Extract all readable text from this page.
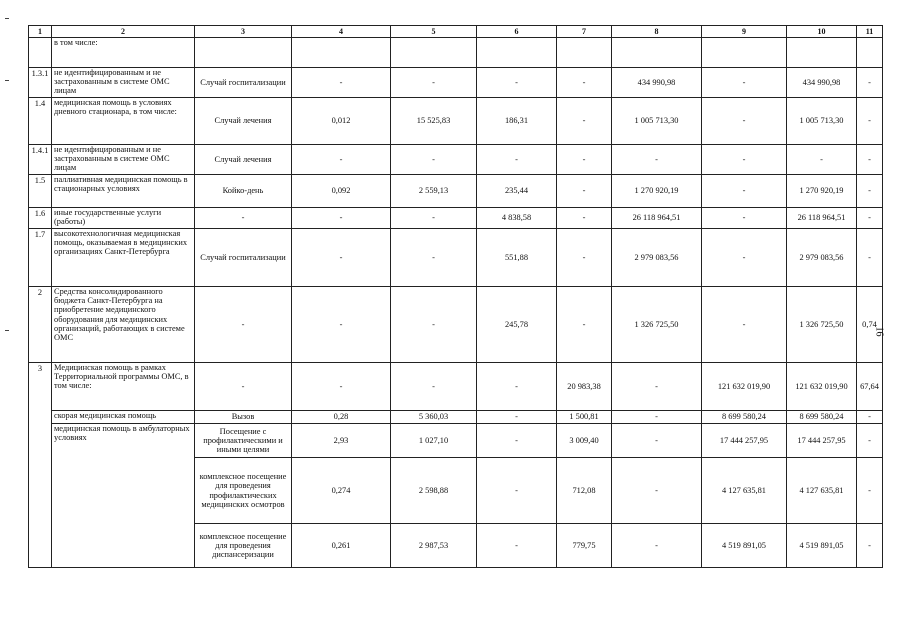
1	2	3	4	5	6	7	8	9	10	11
	в том числе:									
1.3.1	не идентифицированным и не застрахованным в системе ОМС лицам	Случай госпитализации	-	-	-	-	434 990,98	-	434 990,98	-
1.4	медицинская помощь в условиях дневного стационара, в том числе:	Случай лечения	0,012	15 525,83	186,31	-	1 005 713,30	-	1 005 713,30	-
1.4.1	не идентифицированным и не застрахованным в системе ОМС лицам	Случай лечения	-	-	-	-	-	-	-	-
1.5	паллиативная медицинская помощь в стационарных условиях	Койко-день	0,092	2 559,13	235,44	-	1 270 920,19	-	1 270 920,19	-
1.6	иные государственные услуги (работы)	-	-	-	4 838,58	-	26 118 964,51	-	26 118 964,51	-
1.7	высокотехнологичная медицинская помощь, оказываемая в медицинских организациях Санкт-Петербурга	Случай госпитализации	-	-	551,88	-	2 979 083,56	-	2 979 083,56	-
2	Средства консолидированного бюджета Санкт-Петербурга на приобретение медицинского оборудования для медицинских организаций, работающих в системе ОМС	-	-	-	245,78	-	1 326 725,50	-	1 326 725,50	0,74
3	Медицинская помощь в рамках Территориальной программы ОМС, в том числе:	-	-	-	-	20 983,38	-	121 632 019,90	121 632 019,90	67,64
	скорая медицинская помощь	Вызов	0,28	5 360,03	-	1 500,81	-	8 699 580,24	8 699 580,24	-
	медицинская помощь в амбулаторных условиях	Посещение с профилактическими и иными целями	2,93	1 027,10	-	3 009,40	-	17 444 257,95	17 444 257,95	-
		комплексное посещение для проведения профилактических медицинских осмотров	0,274	2 598,88	-	712,08	-	4 127 635,81	4 127 635,81	-
		комплексное посещение для проведения диспансеризации	0,261	2 987,53	-	779,75	-	4 519 891,05	4 519 891,05	-
16
